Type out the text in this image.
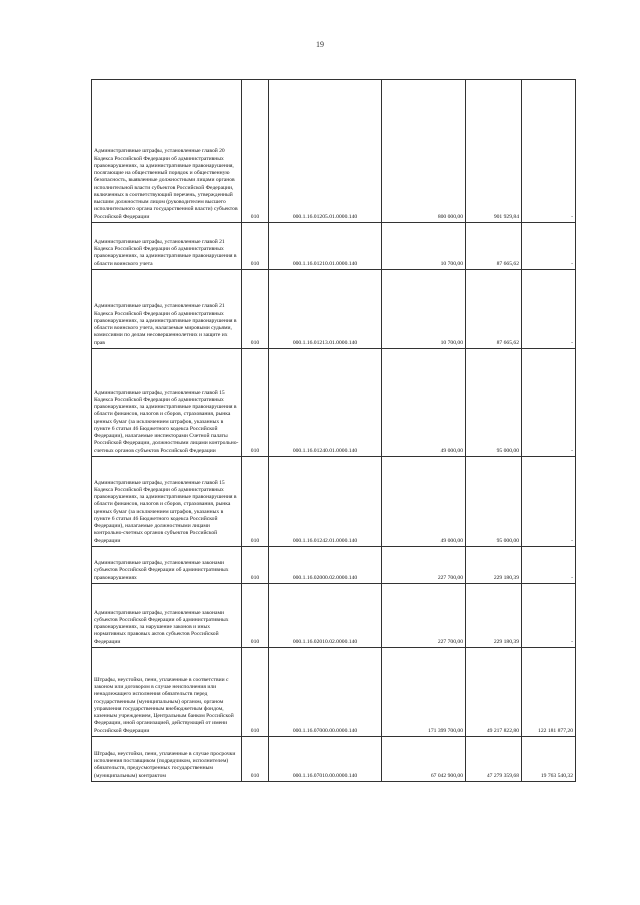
19
Административные штрафы, установленные главой 20 Кодекса Российской Федерации об административных правонарушениях, за административные правонарушения, посягающие на общественный порядок и общественную безопасность, выявленные должностными лицами органов исполнительной власти субъектов Российской Федерации, включенных в соответствующий перечень, утвержденный высшим должностным лицом (руководителем высшего исполнительного органа государственной власти) субъектов Российской Федерации	010	000.1.16.01205.01.0000.140	800 000,00	901 929,84	-
Административные штрафы, установленные главой 21 Кодекса Российской Федерации об административных правонарушениях, за административные правонарушения в области воинского учета	010	000.1.16.01210.01.0000.140	10 700,00	87 665,62	-
Административные штрафы, установленные главой 21 Кодекса Российской Федерации об административных правонарушениях, за административные правонарушения в области воинского учета, налагаемые мировыми судьями, комиссиями по делам несовершеннолетних и защите их прав	010	000.1.16.01213.01.0000.140	10 700,00	87 665,62	-
Административные штрафы, установленные главой 15 Кодекса Российской Федерации об административных правонарушениях, за административные правонарушения в области финансов, налогов и сборов, страхования, рынка ценных бумаг (за исключением штрафов, указанных в пункте 6 статьи 46 Бюджетного кодекса Российской Федерации), налагаемые инспекторами Счетной палаты Российской Федерации, должностными лицами контрольно-счетных органов субъектов Российской Федерации	010	000.1.16.01240.01.0000.140	49 000,00	95 000,00	-
Административные штрафы, установленные главой 15 Кодекса Российской Федерации об административных правонарушениях, за административные правонарушения в области финансов, налогов и сборов, страхования, рынка ценных бумаг (за исключением штрафов, указанных в пункте 6 статьи 46 Бюджетного кодекса Российской Федерации), налагаемые должностными лицами контрольно-счетных органов субъектов Российской Федерации	010	000.1.16.01242.01.0000.140	49 000,00	95 000,00	-
Административные штрафы, установленные законами субъектов Российской Федерации об административных правонарушениях	010	000.1.16.02000.02.0000.140	227 700,00	229 180,39	-
Административные штрафы, установленные законами субъектов Российской Федерации об административных правонарушениях, за нарушение законов и иных нормативных правовых актов субъектов Российской Федерации	010	000.1.16.02010.02.0000.140	227 700,00	229 180,39	-
Штрафы, неустойки, пени, уплаченные в соответствии с законом или договором в случае неисполнения или ненадлежащего исполнения обязательств перед государственным (муниципальным) органом, органом управления государственным внебюджетным фондом, казенным учреждением, Центральным банком Российской Федерации, иной организацией, действующей от имени Российской Федерации	010	000.1.16.07000.00.0000.140	171 399 700,00	49 217 822,80	122 181 877,20
Штрафы, неустойки, пени, уплаченные в случае просрочки исполнения поставщиком (подрядчиком, исполнителем) обязательств, предусмотренных государственным (муниципальным) контрактом	010	000.1.16.07010.00.0000.140	67 042 900,00	47 279 359,68	19 763 540,32
